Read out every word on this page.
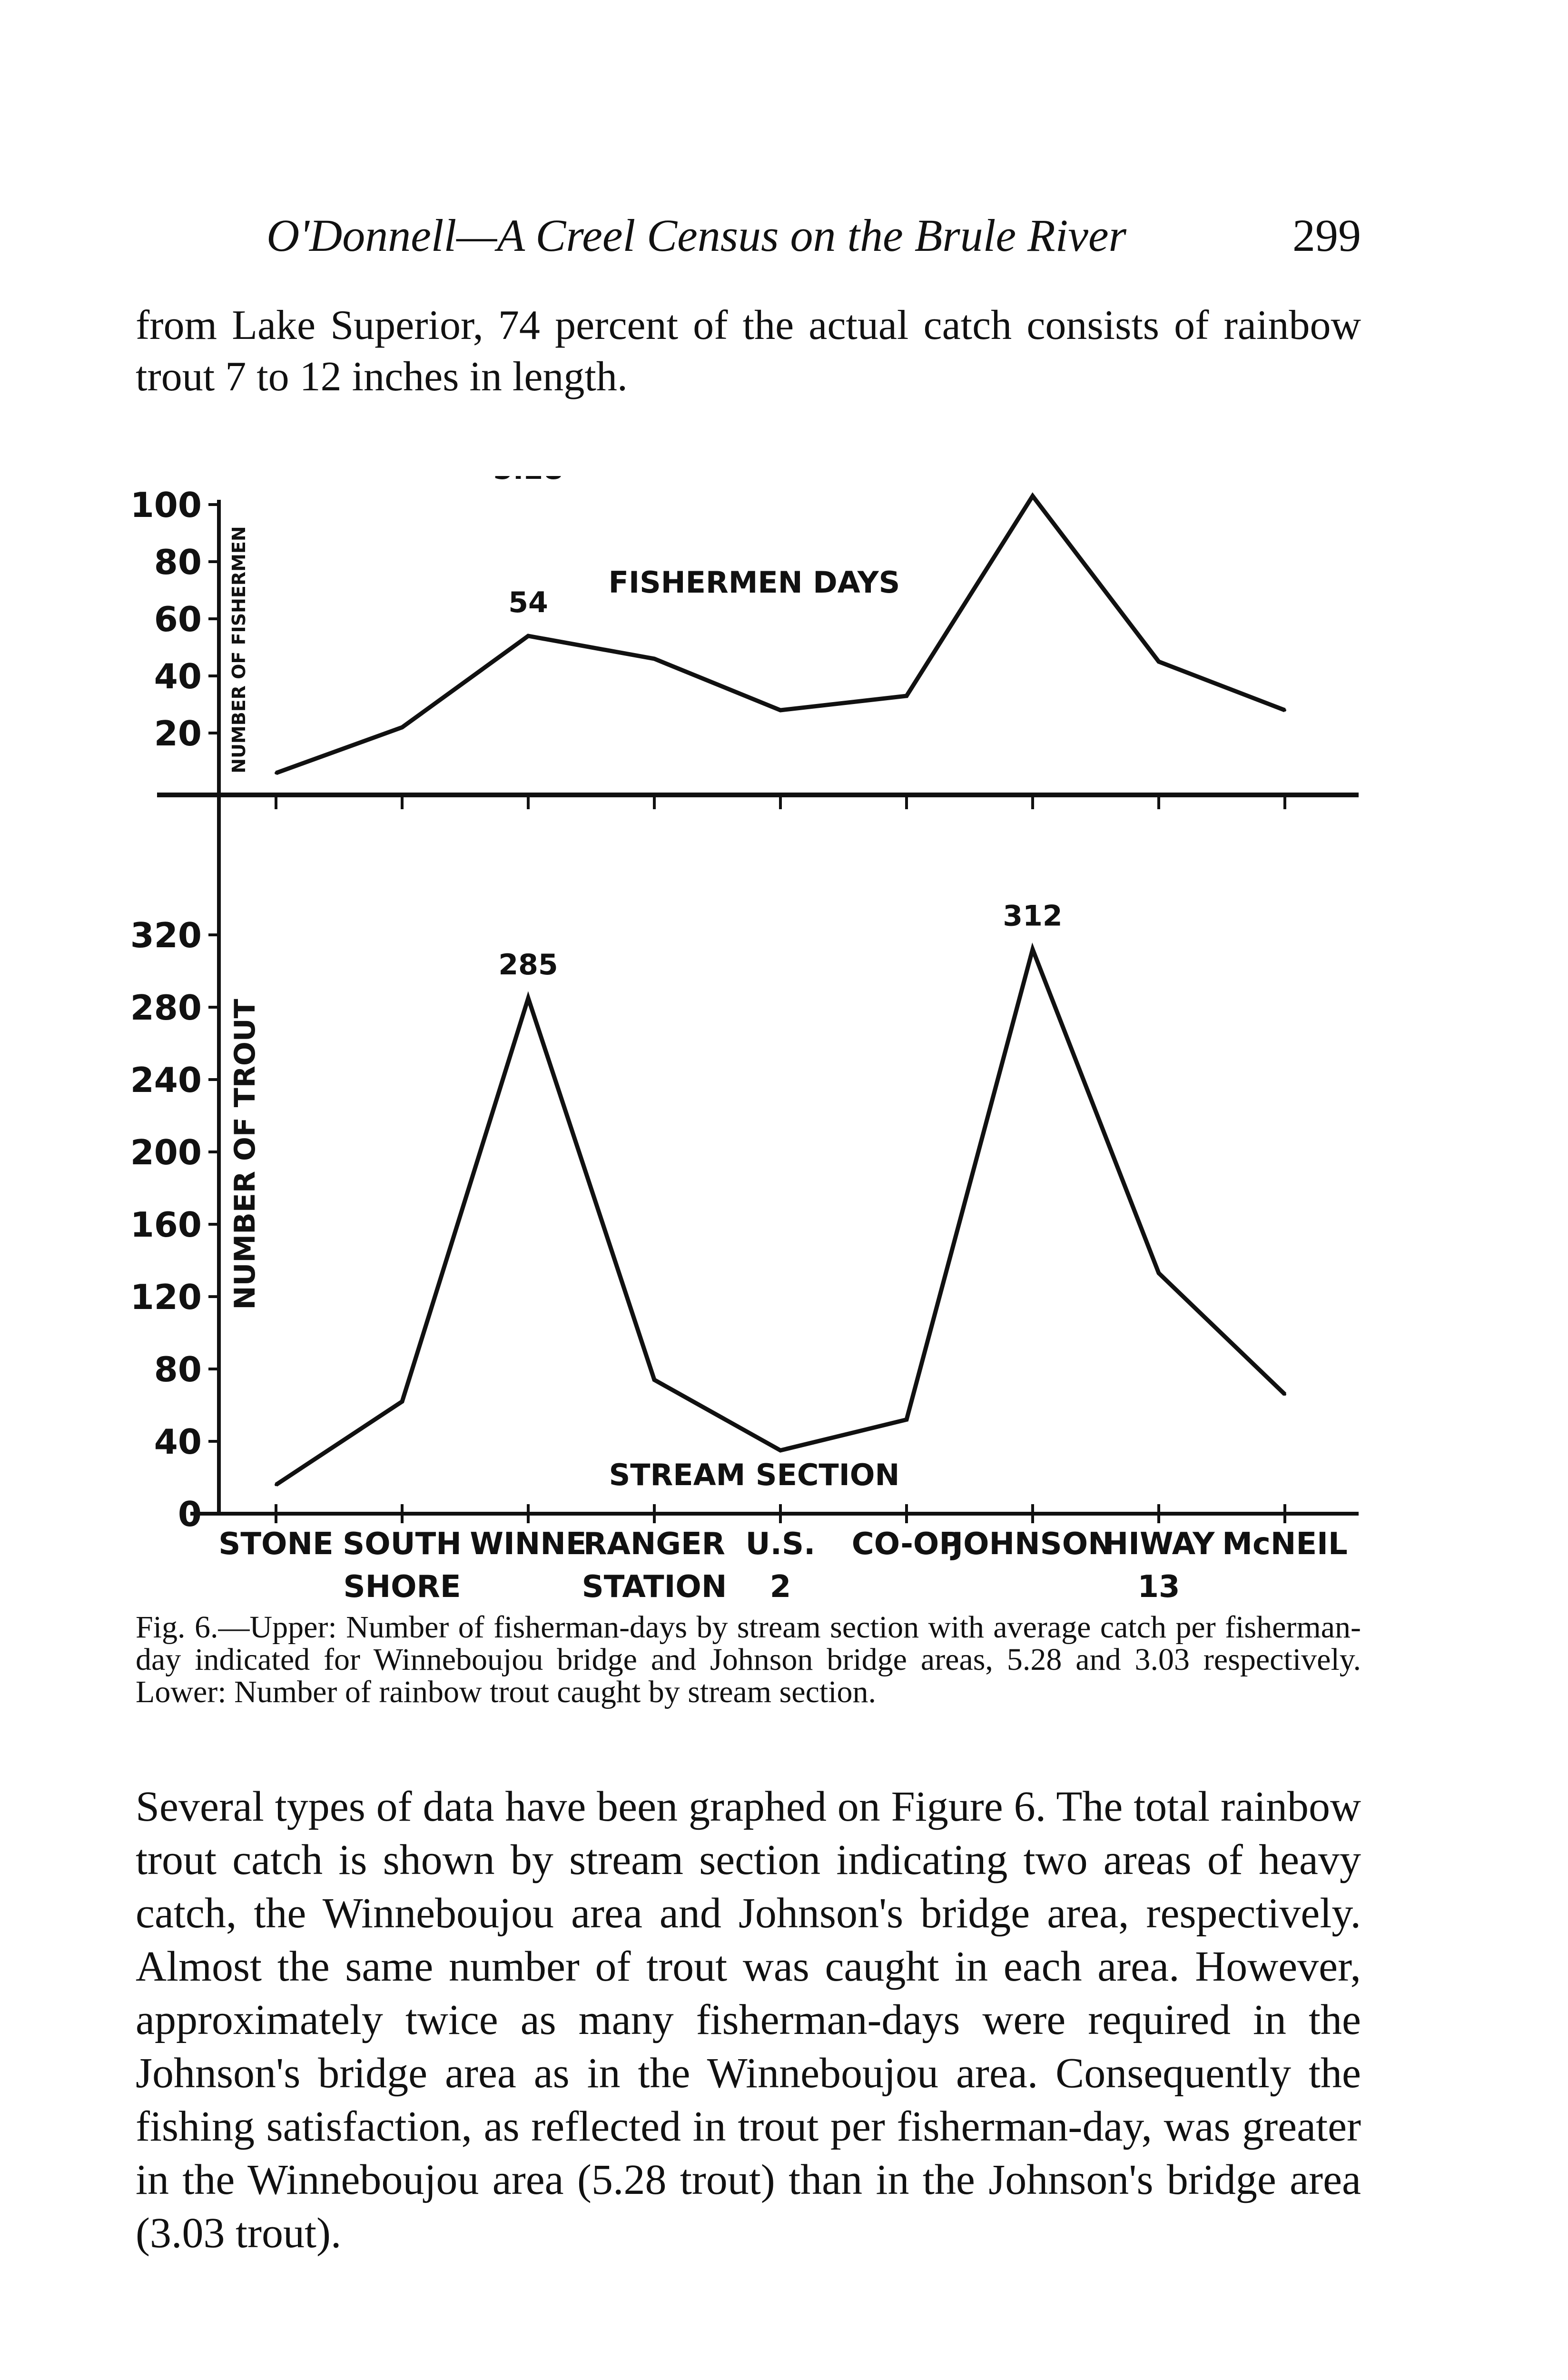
O'Donnell—A Creel Census on the Brule River	299

from Lake Superior, 74 percent of the actual catch consists of rainbow trout 7 to 12 inches in length.

100
80
60
40
20
320
280
240
200
160
120
80
40
0
NUMBER OF FISHERMEN
NUMBER OF TROUT
FISHERMEN DAYS
54
285
312
STREAM SECTION
STONE SOUTH
SHORE
WINNE
RANGER
STATION
U.S.
2
CO-OP
JOHNSON
HIWAY
13
McNEIL

Fig. 6.—Upper: Number of fisherman-days by stream section with average catch per fisherman-day indicated for Winneboujou bridge and Johnson bridge areas, 5.28 and 3.03 respectively. Lower: Number of rainbow trout caught by stream section.

Several types of data have been graphed on Figure 6. The total rainbow trout catch is shown by stream section indicating two areas of heavy catch, the Winneboujou area and Johnson's bridge area, respectively. Almost the same number of trout was caught in each area. However, approximately twice as many fisherman-days were required in the Johnson's bridge area as in the Winneboujou area. Consequently the fishing satisfaction, as reflected in trout per fisherman-day, was greater in the Winneboujou area (5.28 trout) than in the Johnson's bridge area (3.03 trout).
